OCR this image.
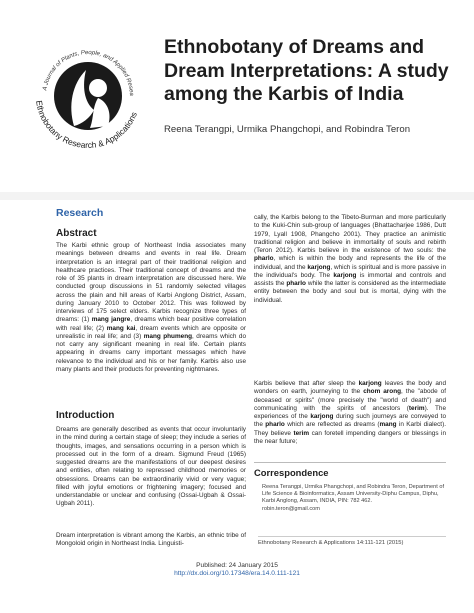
A Journal of Plants, People, and Applied Resea
Ethnobotany Research & Applications
Ethnobotany of Dreams and Dream Interpretations: A study among the Karbis of India
Reena Terangpi, Urmika Phangchopi, and Robindra Teron
Research
Abstract

The Karbi ethnic group of Northeast India associates many meanings between dreams and events in real life. Dream interpretation is an integral part of their traditional religion and healthcare practices. Their traditional concept of dreams and the role of 35 plants in dream interpretation are discussed here. We conducted group discussions in 51 randomly selected villages across the plain and hill areas of Karbi Anglong District, Assam, during January 2010 to October 2012. This was followed by interviews of 175 select elders. Karbis recognize three types of dreams: (1) mang jangre, dreams which bear positive correlation with real life; (2) mang kai, dream events which are opposite or unrealistic in real life; and (3) mang phumeng, dreams which do not carry any significant meaning in real life. Certain plants appearing in dreams carry important messages which have relevance to the individual and his or her family. Karbis also use many plants and their products for preventing nightmares.

Introduction

Dreams are generally described as events that occur involuntarily in the mind during a certain stage of sleep; they include a series of thoughts, images, and sensations occurring in a person which is processed out in the form of a dream. Sigmund Freud (1965) suggested dreams are the manifestations of our deepest desires and entities, often relating to repressed childhood memories or obsessions. Dreams can be extraordinarily vivid or very vague; filled with joyful emotions or frightening imagery; focused and understandable or unclear and confusing (Ossai-Ugbah & Ossai-Ugbah 2011).

Dream interpretation is vibrant among the Karbis, an ethnic tribe of Mongoloid origin in Northeast India. Linguisti-

cally, the Karbis belong to the Tibeto-Burman and more particularly to the Kuki-Chin sub-group of languages (Bhattacharjee 1986, Dutt 1979, Lyall 1908, Phangcho 2001). They practice an animistic traditional religion and believe in immortality of souls and rebirth (Teron 2012). Karbis believe in the existence of two souls: the pharlo, which is within the body and represents the life of the individual, and the karjong, which is spiritual and is more passive in the individual's body. The karjong is immortal and controls and assists the pharlo while the latter is considered as the intermediate entity between the body and soul but is mortal, dying with the individual.

Karbis believe that after sleep the karjong leaves the body and wonders on earth, journeying to the chom arong, the "abode of deceased or spirits" (more precisely the "world of death") and communicating with the spirits of ancestors (terim). The experiences of the karjong during such journeys are conveyed to the pharlo which are reflected as dreams (mang in Karbi dialect). They believe terim can foretell impending dangers or blessings in the near future;

Correspondence
Reena Terangpi, Urmika Phangchopi, and Robindra Teron, Department of Life Science & Bioinformatics, Assam University-Diphu Campus, Diphu, Karbi Anglong, Assam, INDIA, PIN: 782 462.
robin.teron@gmail.com
Ethnobotany Research & Applications 14:111-121 (2015)
Published: 24 January 2015
http://dx.doi.org/10.17348/era.14.0.111-121
